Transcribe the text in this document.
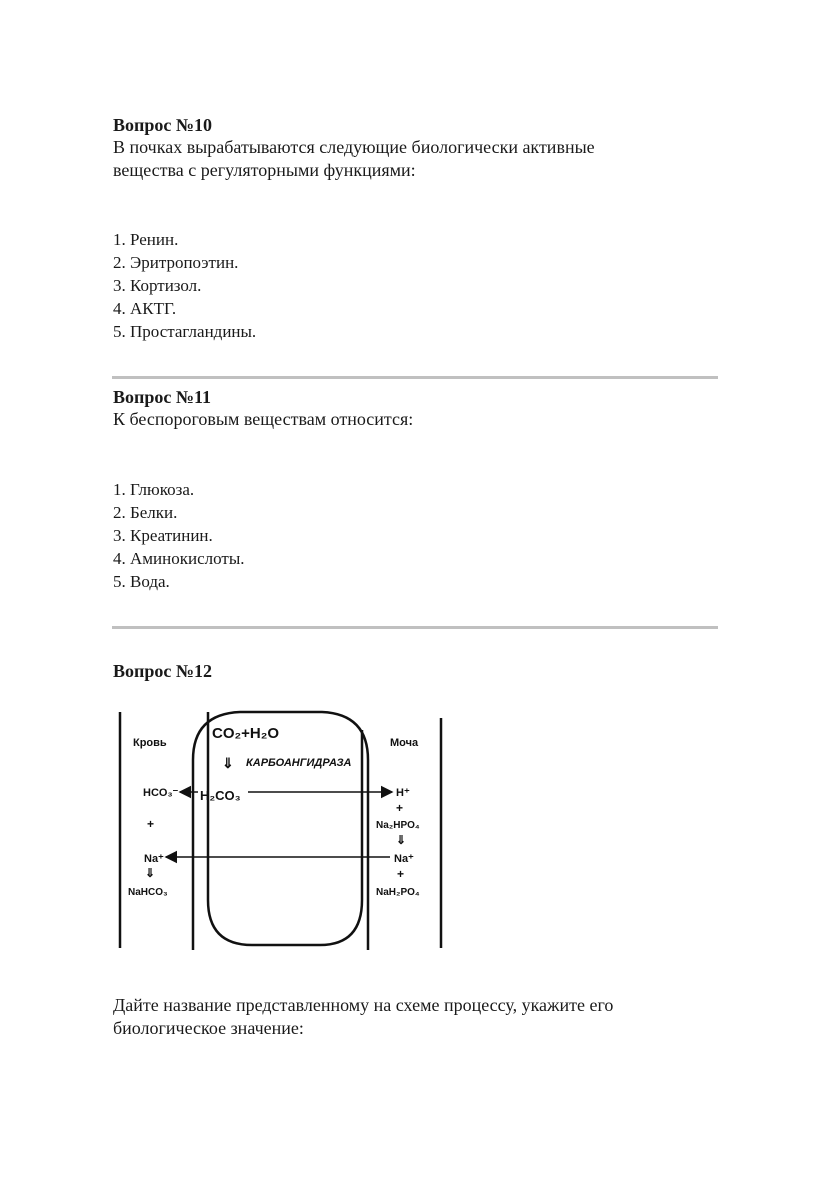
Вопрос №10
В почках вырабатываются следующие биологически активные
вещества с регуляторными функциями:
1. Ренин.
2. Эритропоэтин.
3. Кортизол.
4. АКТГ.
5. Простагландины.
Вопрос №11
К беспороговым веществам относится:
1. Глюкоза.
2. Белки.
3. Креатинин.
4. Аминокислоты.
5. Вода.
Вопрос №12
Кровь	Моча
CO₂+H₂O
⇓ КАРБОАНГИДРАЗА
HCO₃⁻ H₂CO₃	H⁺
+
+
Na₂HPO₄
⇓
Na⁺	Na⁺
⇓	+
NaHCO₃	NaH₂PO₄
Дайте название представленному на схеме процессу, укажите его
биологическое значение:
